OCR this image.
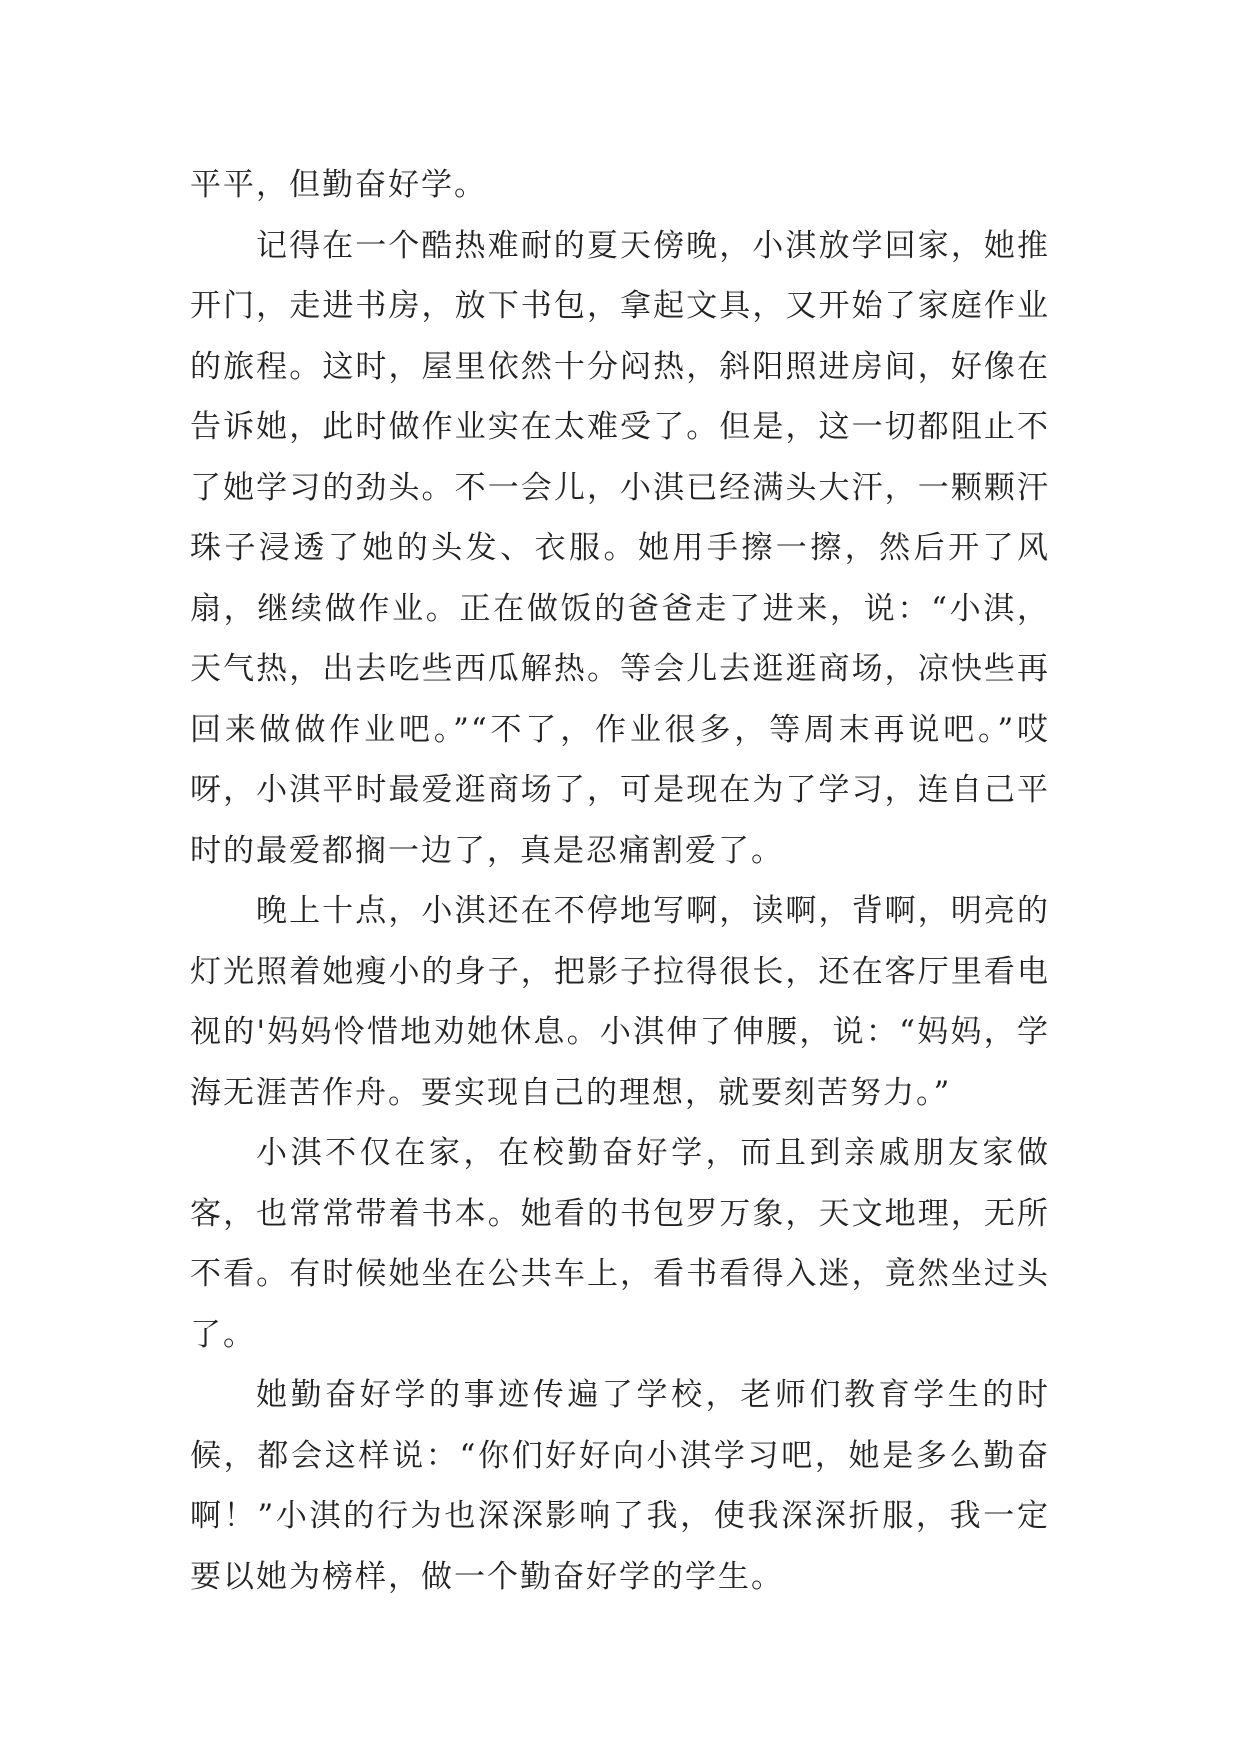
平平，但勤奋好学。

记得在一个酷热难耐的夏天傍晚，小淇放学回家，她推开门，走进书房，放下书包，拿起文具，又开始了家庭作业的旅程。这时，屋里依然十分闷热，斜阳照进房间，好像在告诉她，此时做作业实在太难受了。但是，这一切都阻止不了她学习的劲头。不一会儿，小淇已经满头大汗，一颗颗汗珠子浸透了她的头发、衣服。她用手擦一擦，然后开了风扇，继续做作业。正在做饭的爸爸走了进来，说：“小淇，天气热，出去吃些西瓜解热。等会儿去逛逛商场，凉快些再回来做做作业吧。”“不了，作业很多，等周末再说吧。”哎呀，小淇平时最爱逛商场了，可是现在为了学习，连自己平时的最爱都搁一边了，真是忍痛割爱了。

晚上十点，小淇还在不停地写啊，读啊，背啊，明亮的灯光照着她瘦小的身子，把影子拉得很长，还在客厅里看电视的'妈妈怜惜地劝她休息。小淇伸了伸腰，说：“妈妈，学海无涯苦作舟。要实现自己的理想，就要刻苦努力。”

小淇不仅在家，在校勤奋好学，而且到亲戚朋友家做客，也常常带着书本。她看的书包罗万象，天文地理，无所不看。有时候她坐在公共车上，看书看得入迷，竟然坐过头了。

她勤奋好学的事迹传遍了学校，老师们教育学生的时候，都会这样说：“你们好好向小淇学习吧，她是多么勤奋啊！”小淇的行为也深深影响了我，使我深深折服，我一定要以她为榜样，做一个勤奋好学的学生。
